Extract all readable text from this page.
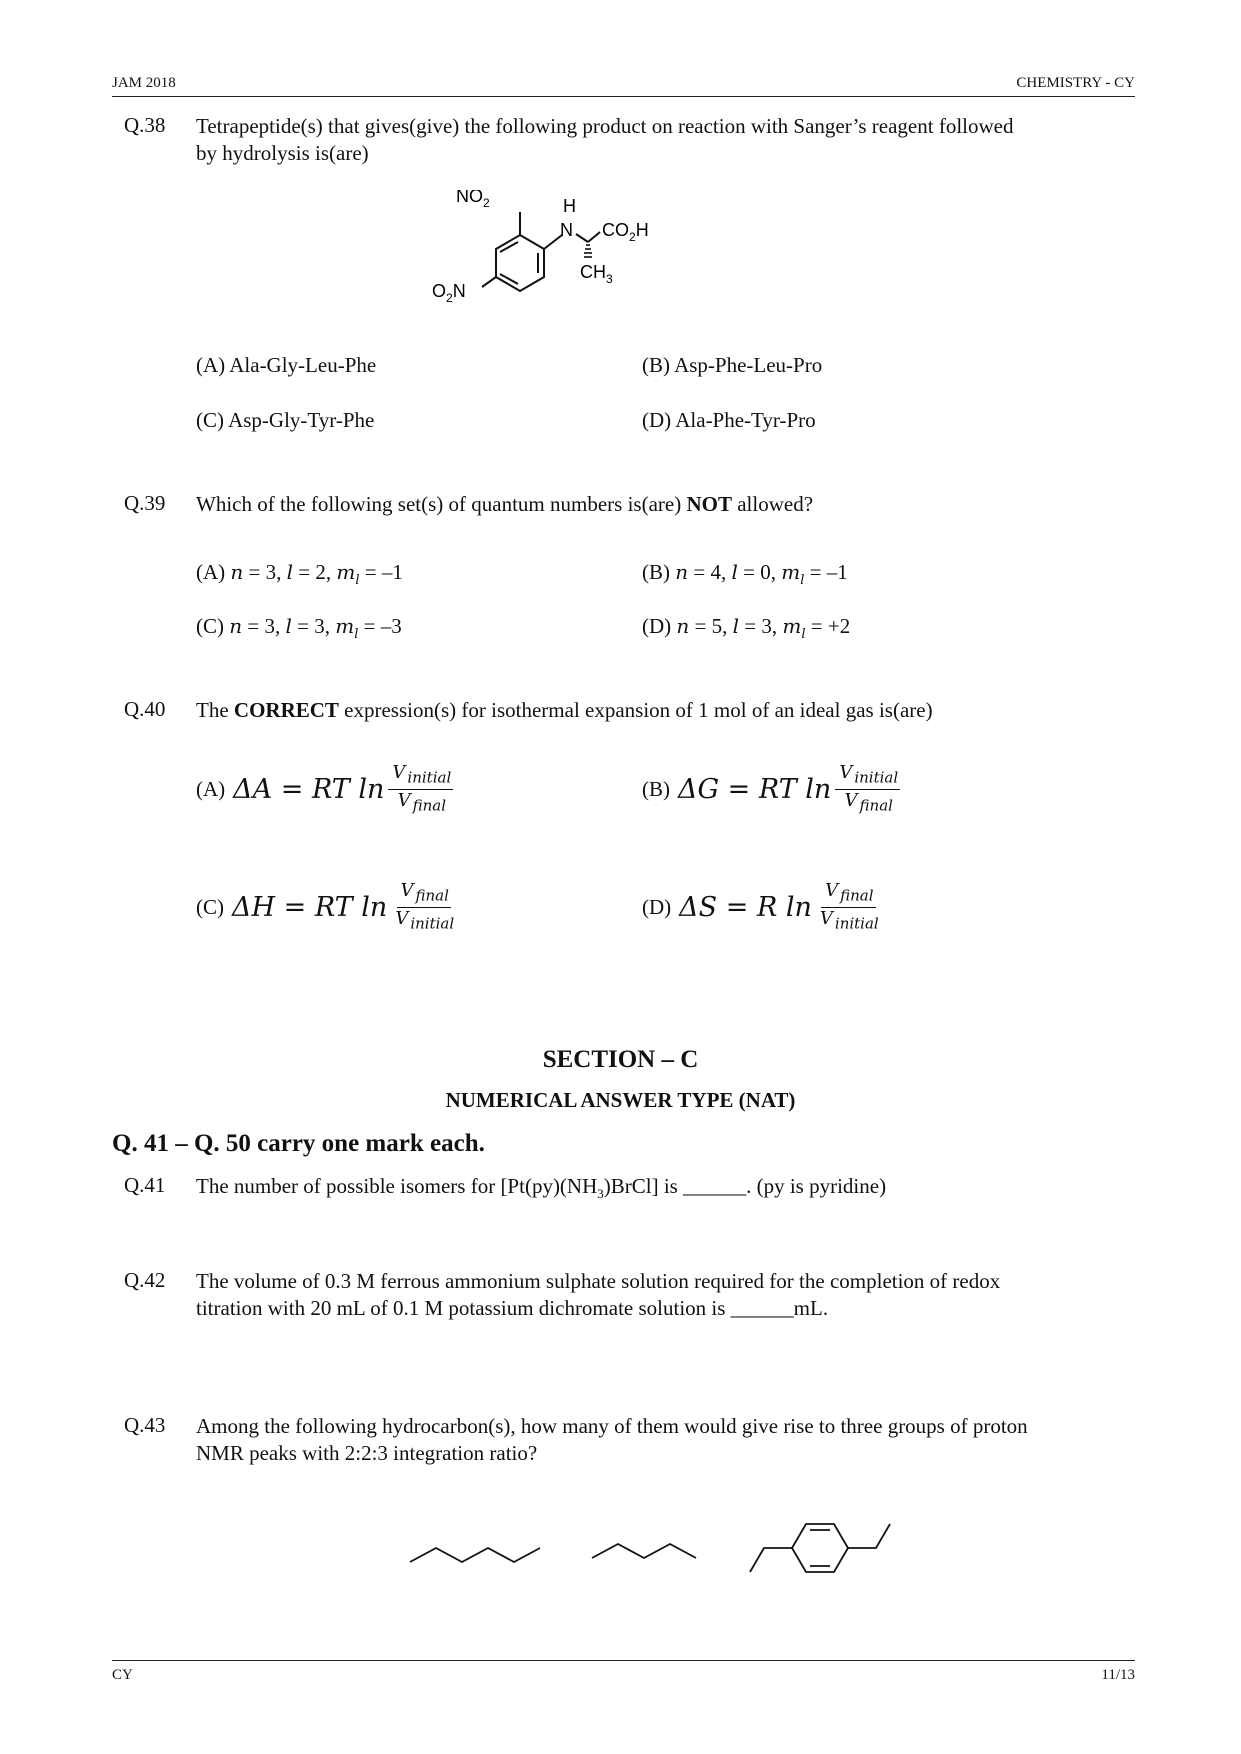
JAM 2018	CHEMISTRY - CY
Q.38 Tetrapeptide(s) that gives(give) the following product on reaction with Sanger’s reagent followed
by hydrolysis is(are)
$NO_2$	H
N $CO_2H$
$CH_3$
$O_2N$
(A) Ala-Gly-Leu-Phe	(B) Asp-Phe-Leu-Pro
(C) Asp-Gly-Tyr-Phe	(D) Ala-Phe-Tyr-Pro
Q.39 Which of the following set(s) of quantum numbers is(are) NOT allowed?
(A) n = 3, l = 2, $m_l = -1$	(B) n = 4, l = 0, $m_l = -1$
(C) n = 3, l = 3, $m_l = -3$	(D) n = 5, l = 3, $m_l = +2$
Q.40 The CORRECT expression(s) for isothermal expansion of 1 mol of an ideal gas is(are)
(A) ΔA = RT $\ln \frac{V _{initial}}{V _{final}}$	(B) ΔG = RT $\ln \frac{V _{initial}}{V _{final}}$
(C) ΔH = RT $\ln \frac{V _{final}}{V _{initial}}$	(D) ΔS = R $\ln \frac{V _{final}}{V _{initial}}$
SECTION – C
NUMERICAL ANSWER TYPE (NAT)
Q. 41 – Q. 50 carry one mark each.
Q.41 The number of possible isomers for $[Pt(py)(NH_3)BrCl]$ is ______. (py is pyridine)
Q.42 The volume of 0.3 M ferrous ammonium sulphate solution required for the completion of redox
titration with 20 mL of 0.1 M potassium dichromate solution is ______mL.
Q.43 Among the following hydrocarbon(s), how many of them would give rise to three groups of proton
NMR peaks with 2:2:3 integration ratio?
CY	11/13
